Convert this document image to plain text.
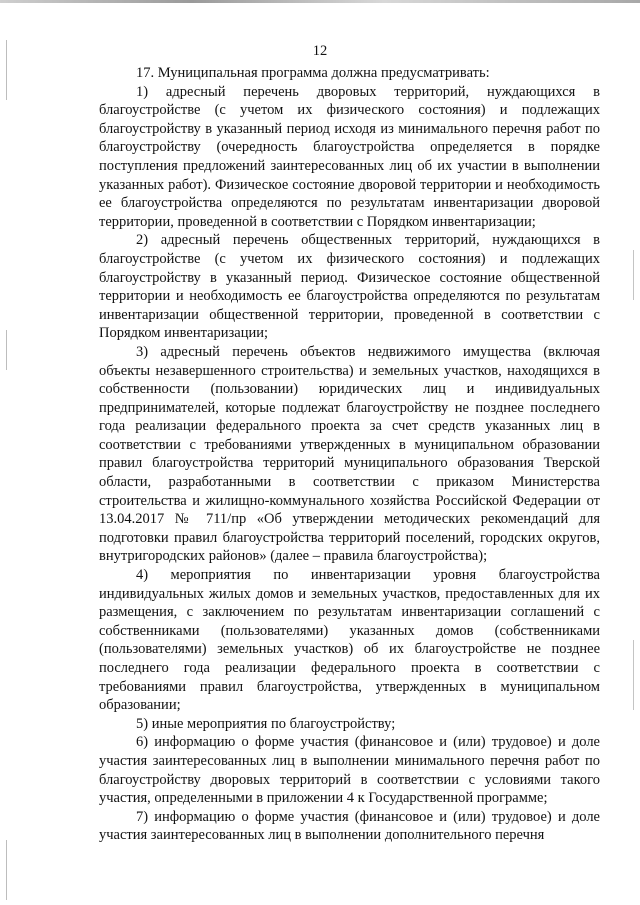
12

17. Муниципальная программа должна предусматривать:

1) адресный перечень дворовых территорий, нуждающихся в благоустройстве (с учетом их физического состояния) и подлежащих благоустройству в указанный период исходя из минимального перечня работ по благоустройству (очередность благоустройства определяется в порядке поступления предложений заинтересованных лиц об их участии в выполнении указанных работ). Физическое состояние дворовой территории и необходимость ее благоустройства определяются по результатам инвентаризации дворовой территории, проведенной в соответствии с Порядком инвентаризации;

2) адресный перечень общественных территорий, нуждающихся в благоустройстве (с учетом их физического состояния) и подлежащих благоустройству в указанный период. Физическое состояние общественной территории и необходимость ее благоустройства определяются по результатам инвентаризации общественной территории, проведенной в соответствии с Порядком инвентаризации;

3) адресный перечень объектов недвижимого имущества (включая объекты незавершенного строительства) и земельных участков, находящихся в собственности (пользовании) юридических лиц и индивидуальных предпринимателей, которые подлежат благоустройству не позднее последнего года реализации федерального проекта за счет средств указанных лиц в соответствии с требованиями утвержденных в муниципальном образовании правил благоустройства территорий муниципального образования Тверской области, разработанными в соответствии с приказом Министерства строительства и жилищно-коммунального хозяйства Российской Федерации от 13.04.2017 № 711/пр «Об утверждении методических рекомендаций для подготовки правил благоустройства территорий поселений, городских округов, внутригородских районов» (далее – правила благоустройства);

4) мероприятия по инвентаризации уровня благоустройства индивидуальных жилых домов и земельных участков, предоставленных для их размещения, с заключением по результатам инвентаризации соглашений с собственниками (пользователями) указанных домов (собственниками (пользователями) земельных участков) об их благоустройстве не позднее последнего года реализации федерального проекта в соответствии с требованиями правил благоустройства, утвержденных в муниципальном образовании;

5) иные мероприятия по благоустройству;

6) информацию о форме участия (финансовое и (или) трудовое) и доле участия заинтересованных лиц в выполнении минимального перечня работ по благоустройству дворовых территорий в соответствии с условиями такого участия, определенными в приложении 4 к Государственной программе;

7) информацию о форме участия (финансовое и (или) трудовое) и доле участия заинтересованных лиц в выполнении дополнительного перечня
